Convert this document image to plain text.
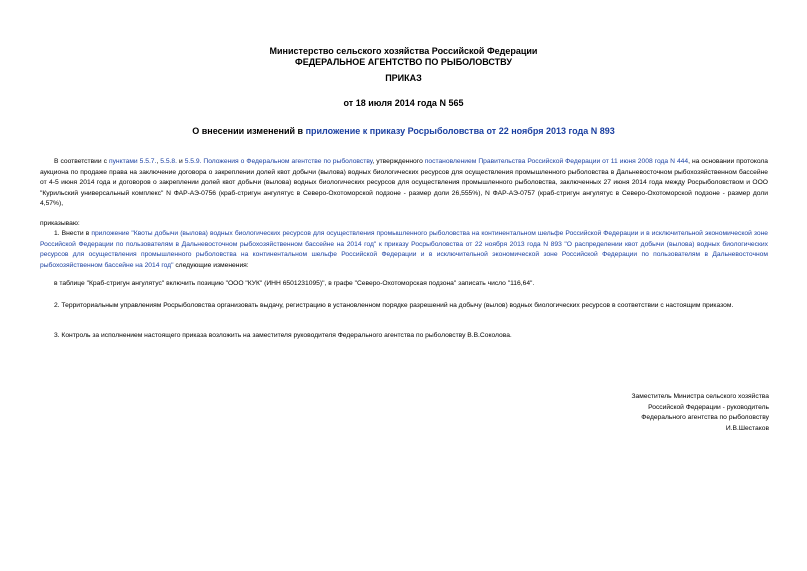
Министерство сельского хозяйства Российской Федерации
ФЕДЕРАЛЬНОЕ АГЕНТСТВО ПО РЫБОЛОВСТВУ
ПРИКАЗ
от 18 июля 2014 года N 565
О внесении изменений в приложение к приказу Росрыболовства от 22 ноября 2013 года N 893
В соответствии с пунктами 5.5.7., 5.5.8. и 5.5.9. Положения о Федеральном агентстве по рыболовству, утвержденного постановлением Правительства Российской Федерации от 11 июня 2008 года N 444, на основании протокола аукциона по продаже права на заключение договора о закреплении долей квот добычи (вылова) водных биологических ресурсов для осуществления промышленного рыболовства в Дальневосточном рыбохозяйственном бассейне от 4-5 июня 2014 года и договоров о закреплении долей квот добычи (вылова) водных биологических ресурсов для осуществления промышленного рыболовства, заключенных 27 июня 2014 года между Росрыболовством и ООО "Курильский универсальный комплекс" N ФАР-АЭ-0756 (краб-стригун ангулятус в Северо-Охотоморской подзоне - размер доли 26,555%), N ФАР-АЭ-0757 (краб-стригун ангулятус в Северо-Охотоморской подзоне - размер доли 4,57%),
приказываю:
1. Внести в приложение "Квоты добычи (вылова) водных биологических ресурсов для осуществления промышленного рыболовства на континентальном шельфе Российской Федерации и в исключительной экономической зоне Российской Федерации по пользователям в Дальневосточном рыбохозяйственном бассейне на 2014 год" к приказу Росрыболовства от 22 ноября 2013 года N 893 "О распределении квот добычи (вылова) водных биологических ресурсов для осуществления промышленного рыболовства на континентальном шельфе Российской Федерации и в исключительной экономической зоне Российской Федерации по пользователям в Дальневосточном рыбохозяйственном бассейне на 2014 год" следующие изменения:
в таблице "Краб-стригун ангулятус" включить позицию "ООО "КУК" (ИНН 6501231095)", в графе "Северо-Охотоморская подзона" записать число "116,64".
2. Территориальным управлениям Росрыболовства организовать выдачу, регистрацию в установленном порядке разрешений на добычу (вылов) водных биологических ресурсов в соответствии с настоящим приказом.
3. Контроль за исполнением настоящего приказа возложить на заместителя руководителя Федерального агентства по рыболовству В.В.Соколова.
Заместитель Министра сельского хозяйства
Российской Федерации - руководитель
Федерального агентства по рыболовству
И.В.Шестаков
